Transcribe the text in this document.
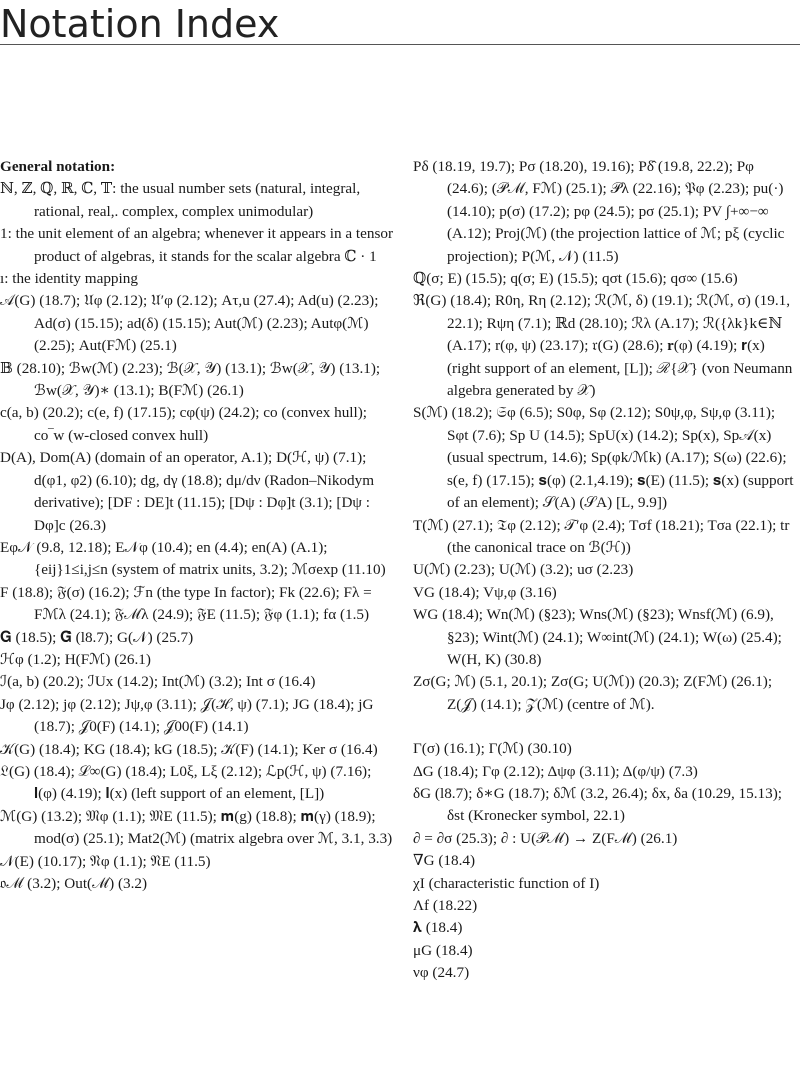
Notation Index
General notation:
ℕ, ℤ, ℚ, ℝ, ℂ, 𝕋: the usual number sets (natural, integral, rational, real,. complex, complex unimodular)
1: the unit element of an algebra; whenever it appears in a tensor product of algebras, it stands for the scalar algebra ℂ · 1
ı: the identity mapping
𝒜(G) (18.7); 𝔘φ (2.12); 𝔘′φ (2.12); Aτ,u (27.4); Ad(u) (2.23); Ad(σ) (15.15); ad(δ) (15.15); Aut(ℳ) (2.23); Autφ(ℳ) (2.25); Aut(Fℳ) (25.1)
𝔹 (28.10); ℬw(ℳ) (2.23); ℬ(𝒳, 𝒴) (13.1); ℬw(𝒳, 𝒴) (13.1); ℬw(𝒳, 𝒴)∗ (13.1); B(Fℳ) (26.1)
c(a, b) (20.2); c(e, f) (17.15); cφ(ψ) (24.2); co (convex hull); co‾w (w-closed convex hull)
D(A), Dom(A) (domain of an operator, A.1); D(ℋ, ψ) (7.1); d(φ1, φ2) (6.10); dg, dγ (18.8); dμ/dν (Radon–Nikodym derivative); [DF : DE]t (11.15); [Dψ : Dφ]t (3.1); [Dψ : Dφ]c (26.3)
Eφ𝒩 (9.8, 12.18); E𝒩φ (10.4); en (4.4); en(A) (A.1); {eij}1≤i,j≤n (system of matrix units, 3.2); ℳσexp (11.10)
F (18.8); 𝔉(σ) (16.2); ℱn (the type In factor); Fk (22.6); Fλ = Fℳλ (24.1); 𝔉ℳλ (24.9); 𝔉E (11.5); 𝔉φ (1.1); fα (1.5)
𝐆 (18.5); 𝐆̂ (l8.7); G(𝒩) (25.7)
ℋφ (1.2); H(Fℳ) (26.1)
ℐ(a, b) (20.2); ℐUx (14.2); Int(ℳ) (3.2); Int σ (16.4)
Jφ (2.12); jφ (2.12); Jψ,φ (3.11); 𝒥(ℋ, ψ) (7.1); JG (18.4); jG (18.7); 𝒥0(F) (14.1); 𝒥00(F) (14.1)
𝒦(G) (18.4); KG (18.4); kG (18.5); 𝒦(F) (14.1); Ker σ (16.4)
𝔏(G) (18.4); ℒ∞(G) (18.4); L0ξ, Lξ (2.12); ℒp(ℋ, ψ) (7.16); 𝐥(φ) (4.19); 𝐥(x) (left support of an element, [L])
ℳ(G) (13.2); 𝔐φ (1.1); 𝔐E (11.5); 𝐦(g) (18.8); 𝐦(γ) (18.9); mod(σ) (25.1); Mat2(ℳ) (matrix algebra over ℳ, 3.1, 3.3)
𝒩(E) (10.17); 𝔑φ (1.1); 𝔑E (11.5)
𝔬ℳ (3.2); Out(ℳ) (3.2)
Pδ (18.19, 19.7); Pσ (18.20), 19.16); Pδ̂ (19.8, 22.2); Pφ (24.6); (𝒫ℳ, Fℳ) (25.1); 𝒫λ (22.16); 𝔓φ (2.23); pu(·) (14.10); p(σ) (17.2); pφ (24.5); pσ (25.1); PV ∫+∞−∞ (A.12); Proj(ℳ) (the projection lattice of ℳ; pξ (cyclic projection); P(ℳ, 𝒩) (11.5)
ℚ(σ; E) (15.5); q(σ; E) (15.5); qσt (15.6); qσ∞ (15.6)
ℜ(G) (18.4); R0η, Rη (2.12); ℛ(ℳ, δ) (19.1); ℛ(ℳ, σ) (19.1, 22.1); Rψη (7.1); ℝd (28.10); ℛλ (A.17); ℛ({λk}k∈ℕ (A.17); r(φ, ψ) (23.17); 𝔯(G) (28.6); 𝐫(φ) (4.19); 𝐫(x) (right support of an element, [L]); ℛ{𝒳} (von Neumann algebra generated by 𝒳)
S(ℳ) (18.2); 𝔖φ (6.5); S0φ, Sφ (2.12); S0ψ,φ, Sψ,φ (3.11); Sφt (7.6); Sp U (14.5); SpU(x) (14.2); Sp(x), Sp𝒜(x) (usual spectrum, 14.6); Sp(φk/ℳk) (A.17); S(ω) (22.6); s(e, f) (17.15); 𝐬(φ) (2.1,4.19); 𝐬(E) (11.5); 𝐬(x) (support of an element); 𝒮(A) (𝒮A) [L, 9.9])
T(ℳ) (27.1); 𝔗φ (2.12); 𝒯′φ (2.4); Tσf (18.21); Tσa (22.1); tr (the canonical trace on ℬ(ℋ))
U(ℳ) (2.23); U(ℳ) (3.2); uσ (2.23)
VG (18.4); Vψ,φ (3.16)
WG (18.4); Wn(ℳ) (§23); Wns(ℳ) (§23); Wnsf(ℳ) (6.9), §23); Wint(ℳ) (24.1); W∞int(ℳ) (24.1); W(ω) (25.4); W(H, K) (30.8)
Zσ(G; ℳ) (5.1, 20.1); Zσ(G; U(ℳ)) (20.3); Z(Fℳ) (26.1); Z(𝒥) (14.1); 𝒵(ℳ) (centre of ℳ).
Γ(σ) (16.1); Γ(ℳ) (30.10)
ΔG (18.4); Γφ (2.12); Δψφ (3.11); Δ(φ/ψ) (7.3)
δG (l8.7); δ∗G (18.7); δℳ (3.2, 26.4); δx, δa (10.29, 15.13); δst (Kronecker symbol, 22.1)
∂ = ∂σ (25.3); ∂ : U(𝒫ℳ) → Z(Fℳ) (26.1)
∇G (18.4)
χI (characteristic function of I)
Λf (18.22)
𝛌 (18.4)
μG (18.4)
νφ (24.7)
